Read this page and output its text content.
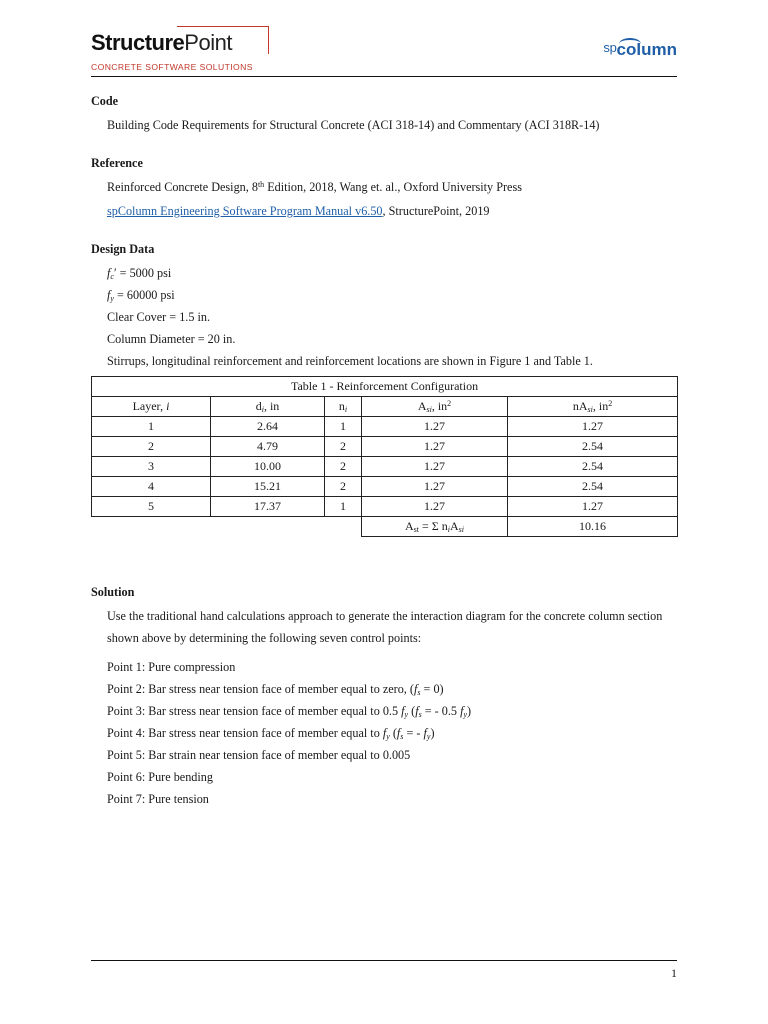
StructurePoint
CONCRETE SOFTWARE SOLUTIONS
spcolumn
Code
Building Code Requirements for Structural Concrete (ACI 318-14) and Commentary (ACI 318R-14)
Reference
Reinforced Concrete Design, 8th Edition, 2018, Wang et. al., Oxford University Press
spColumn Engineering Software Program Manual v6.50, StructurePoint, 2019
Design Data
$f_c' = 5000$ psi
$f_y = 60000$ psi
Clear Cover = 1.5 in.
Column Diameter = 20 in.
Stirrups, longitudinal reinforcement and reinforcement locations are shown in Figure 1 and Table 1.
Table 1 - Reinforcement Configuration				
Layer, i	$d_i$, in	$n_i$	$A_{si}$, $in^2$	$nA_{si}$, $in^2$
1	2.64	1	1.27	1.27
2	4.79	2	1.27	2.54
3	10.00	2	1.27	2.54
4	15.21	2	1.27	2.54
5	17.37	1	1.27	1.27
			$A_{st} = \Sigma$ $n_iA_{si}$	10.16
Solution
Use the traditional hand calculations approach to generate the interaction diagram for the concrete column section
shown above by determining the following seven control points:
Point 1: Pure compression
Point 2: Bar stress near tension face of member equal to zero, $(f_s = 0)$
Point 3: Bar stress near tension face of member equal to 0.5 $f_y$ ($f_s$ = - 0.5 $f_y$)
Point 4: Bar stress near tension face of member equal to $f_y$ ($f_s$ = - $f_y$)
Point 5: Bar strain near tension face of member equal to 0.005
Point 6: Pure bending
Point 7: Pure tension
1
